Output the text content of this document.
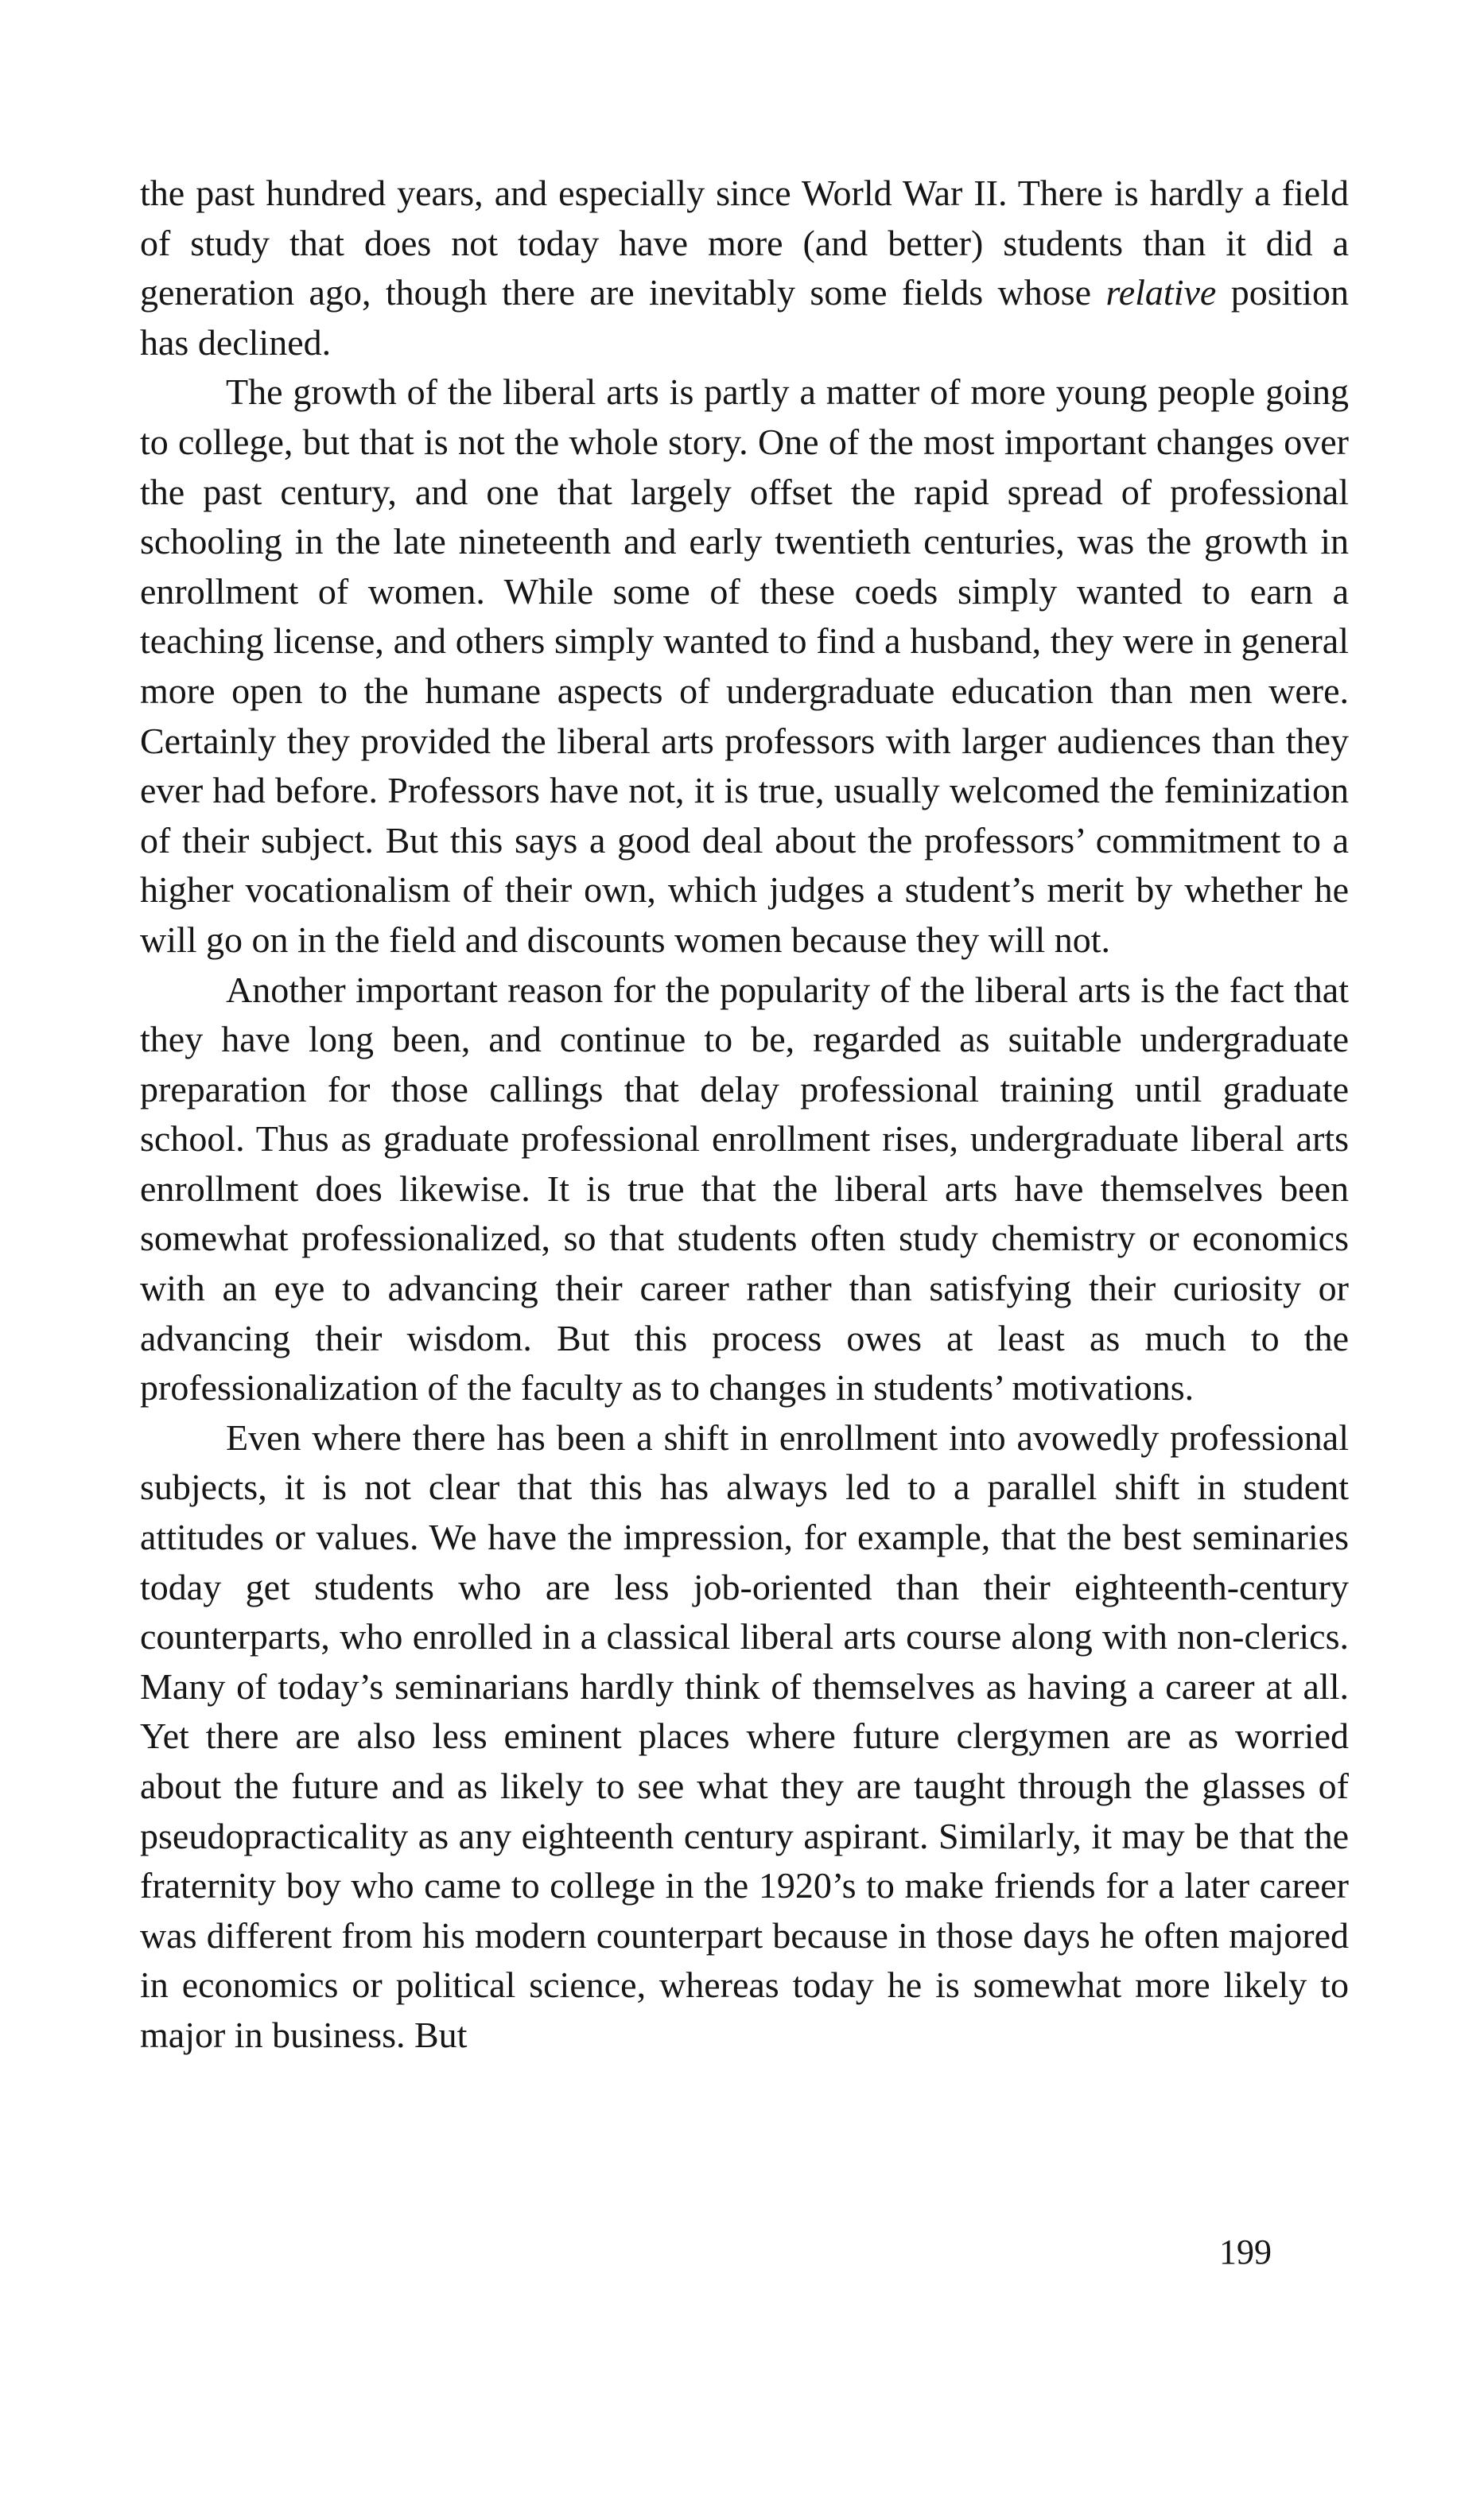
the past hundred years, and especially since World War II. There is hardly a field of study that does not today have more (and better) students than it did a generation ago, though there are inevitably some fields whose relative position has declined.

The growth of the liberal arts is partly a matter of more young people going to college, but that is not the whole story. One of the most important changes over the past century, and one that largely offset the rapid spread of professional schooling in the late nineteenth and early twentieth centuries, was the growth in enrollment of women. While some of these coeds simply wanted to earn a teaching license, and others simply wanted to find a husband, they were in general more open to the humane aspects of undergraduate education than men were. Certainly they provided the liberal arts professors with larger audiences than they ever had before. Professors have not, it is true, usually welcomed the feminization of their subject. But this says a good deal about the professors’ commitment to a higher vocationalism of their own, which judges a student’s merit by whether he will go on in the field and discounts women because they will not.

Another important reason for the popularity of the liberal arts is the fact that they have long been, and continue to be, regarded as suitable undergraduate preparation for those callings that delay professional training until graduate school. Thus as graduate professional enrollment rises, undergraduate liberal arts enrollment does likewise. It is true that the liberal arts have themselves been somewhat professionalized, so that students often study chemistry or economics with an eye to advancing their career rather than satisfying their curiosity or advancing their wisdom. But this process owes at least as much to the professionalization of the faculty as to changes in students’ motivations.

Even where there has been a shift in enrollment into avowedly professional subjects, it is not clear that this has always led to a parallel shift in student attitudes or values. We have the impression, for example, that the best seminaries today get students who are less job-oriented than their eighteenth-century counterparts, who enrolled in a classical liberal arts course along with non-clerics. Many of today’s seminarians hardly think of themselves as having a career at all. Yet there are also less eminent places where future clergymen are as worried about the future and as likely to see what they are taught through the glasses of pseudopracticality as any eighteenth century aspirant. Similarly, it may be that the fraternity boy who came to college in the 1920’s to make friends for a later career was different from his modern counterpart because in those days he often majored in economics or political science, whereas today he is somewhat more likely to major in business. But

199
